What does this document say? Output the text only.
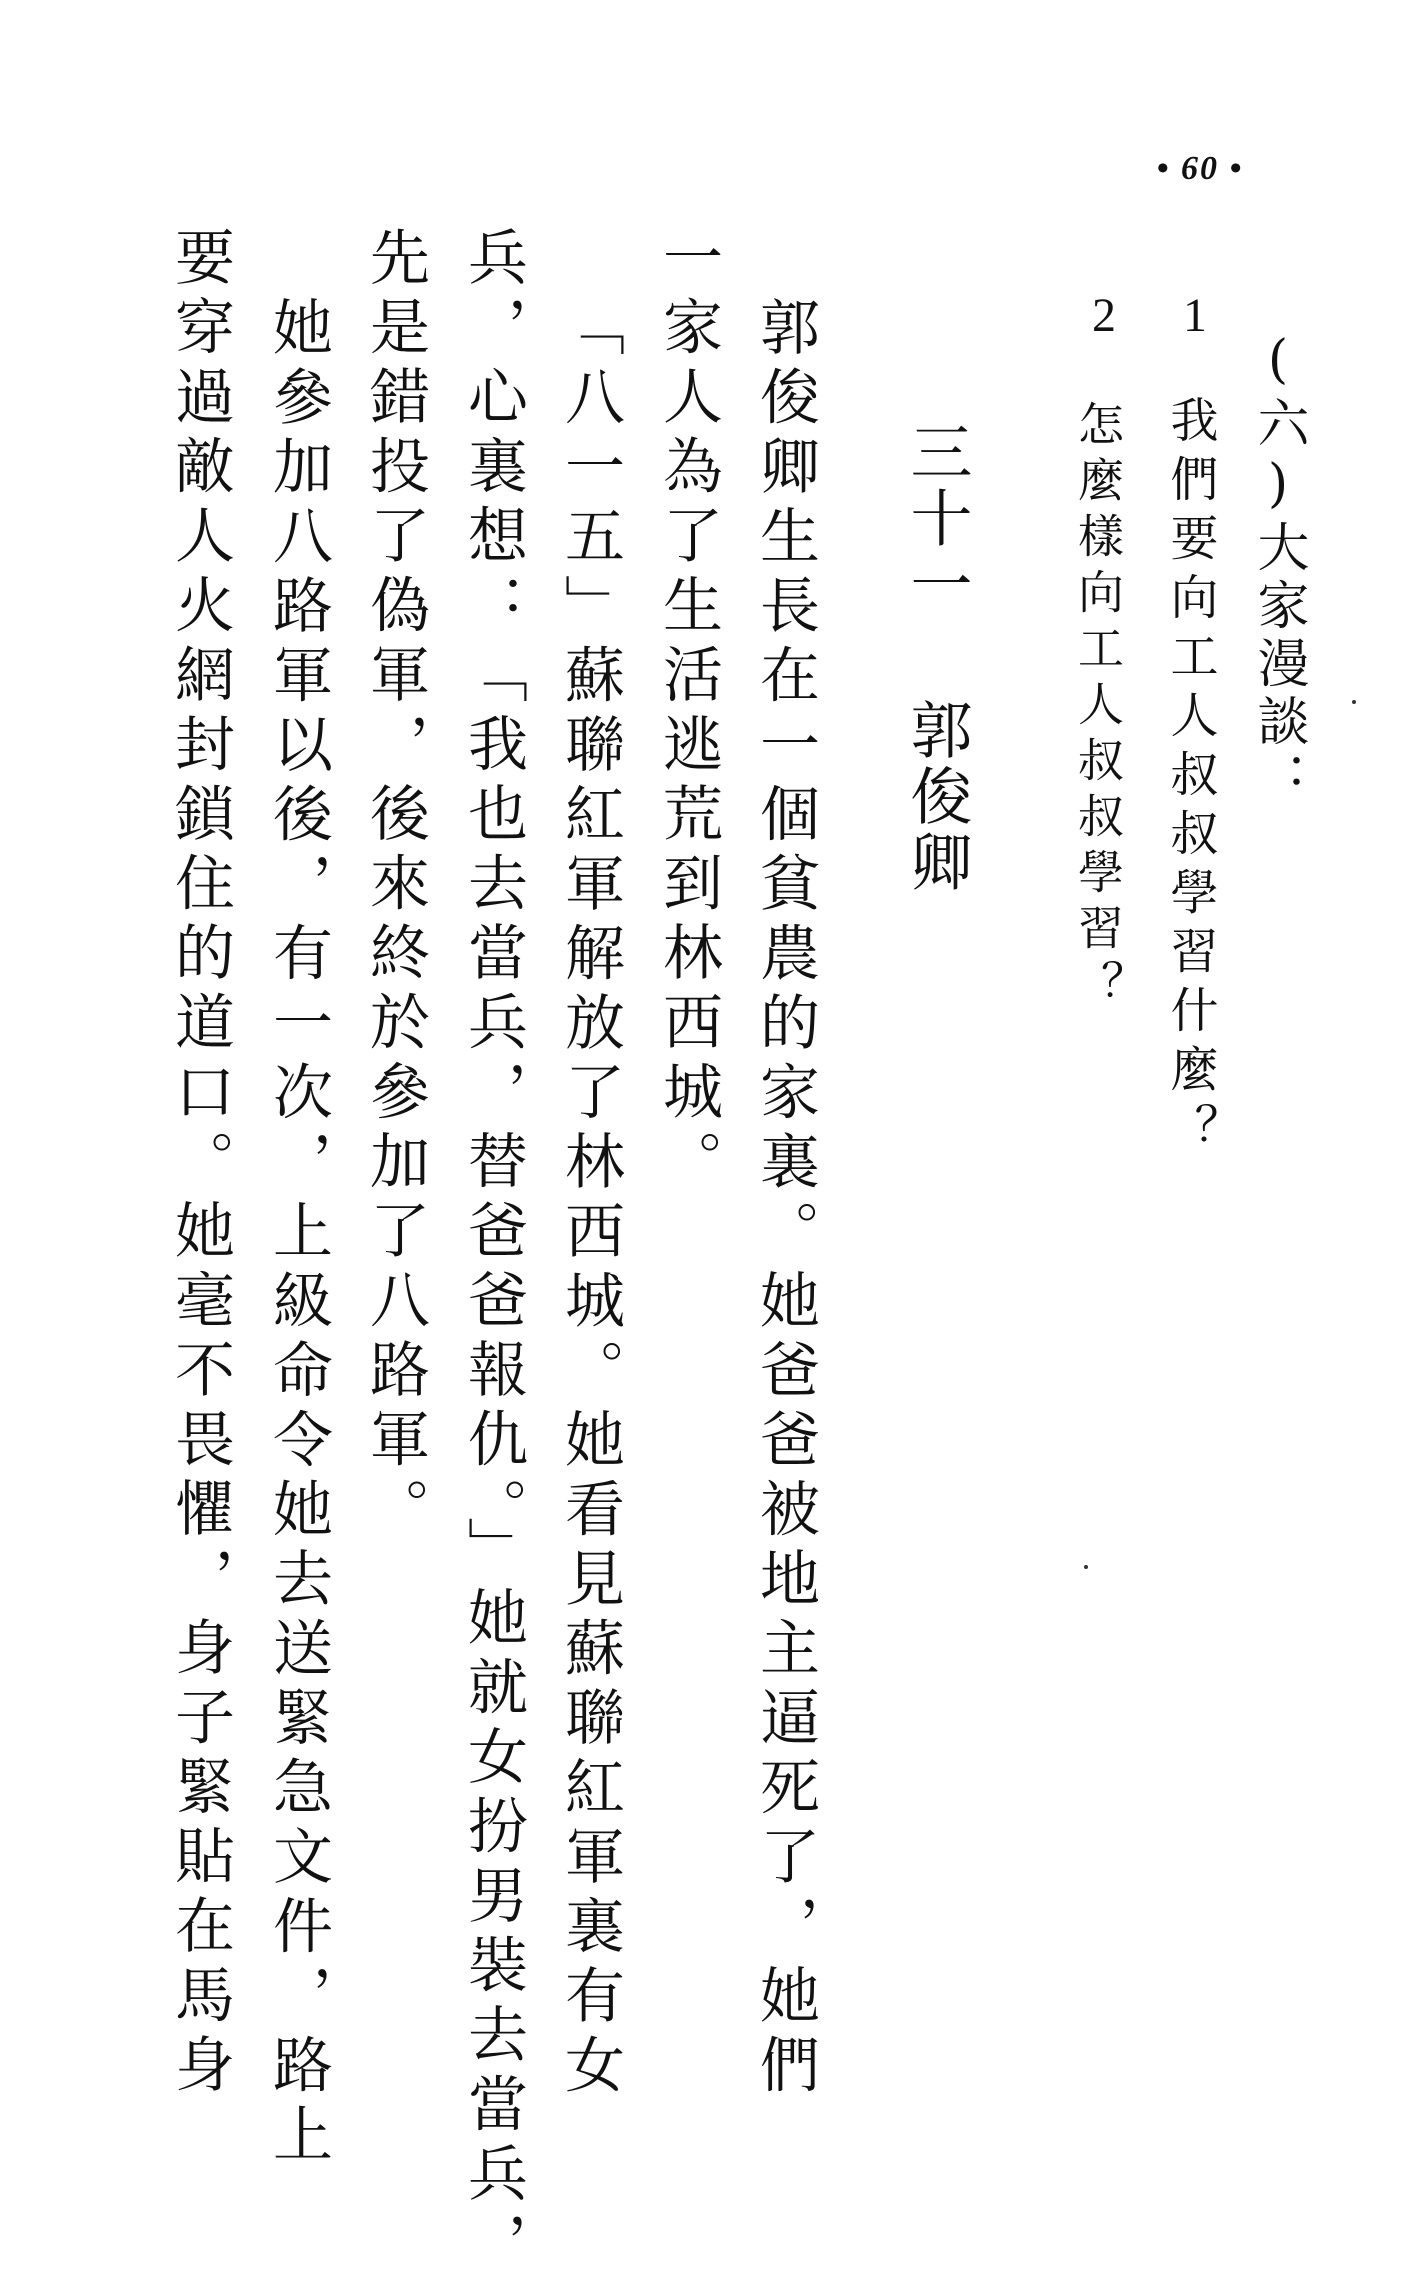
• 60 •
(六)大家漫談：
1
我們要向工人叔叔學習什麼？
2
怎麼樣向工人叔叔學習？
三十一郭俊卿
郭俊卿生長在一個貧農的家裏。她爸爸被地主逼死了，她們
一家人為了生活逃荒到林西城。
「八一五」蘇聯紅軍解放了林西城。她看見蘇聯紅軍裏有女
兵，心裏想：「我也去當兵，替爸爸報仇。」她就女扮男裝去當兵，
先是錯投了偽軍，後來終於參加了八路軍。
她參加八路軍以後，有一次，上級命令她去送緊急文件，路上
要穿過敵人火網封鎖住的道口。她毫不畏懼，身子緊貼在馬身
